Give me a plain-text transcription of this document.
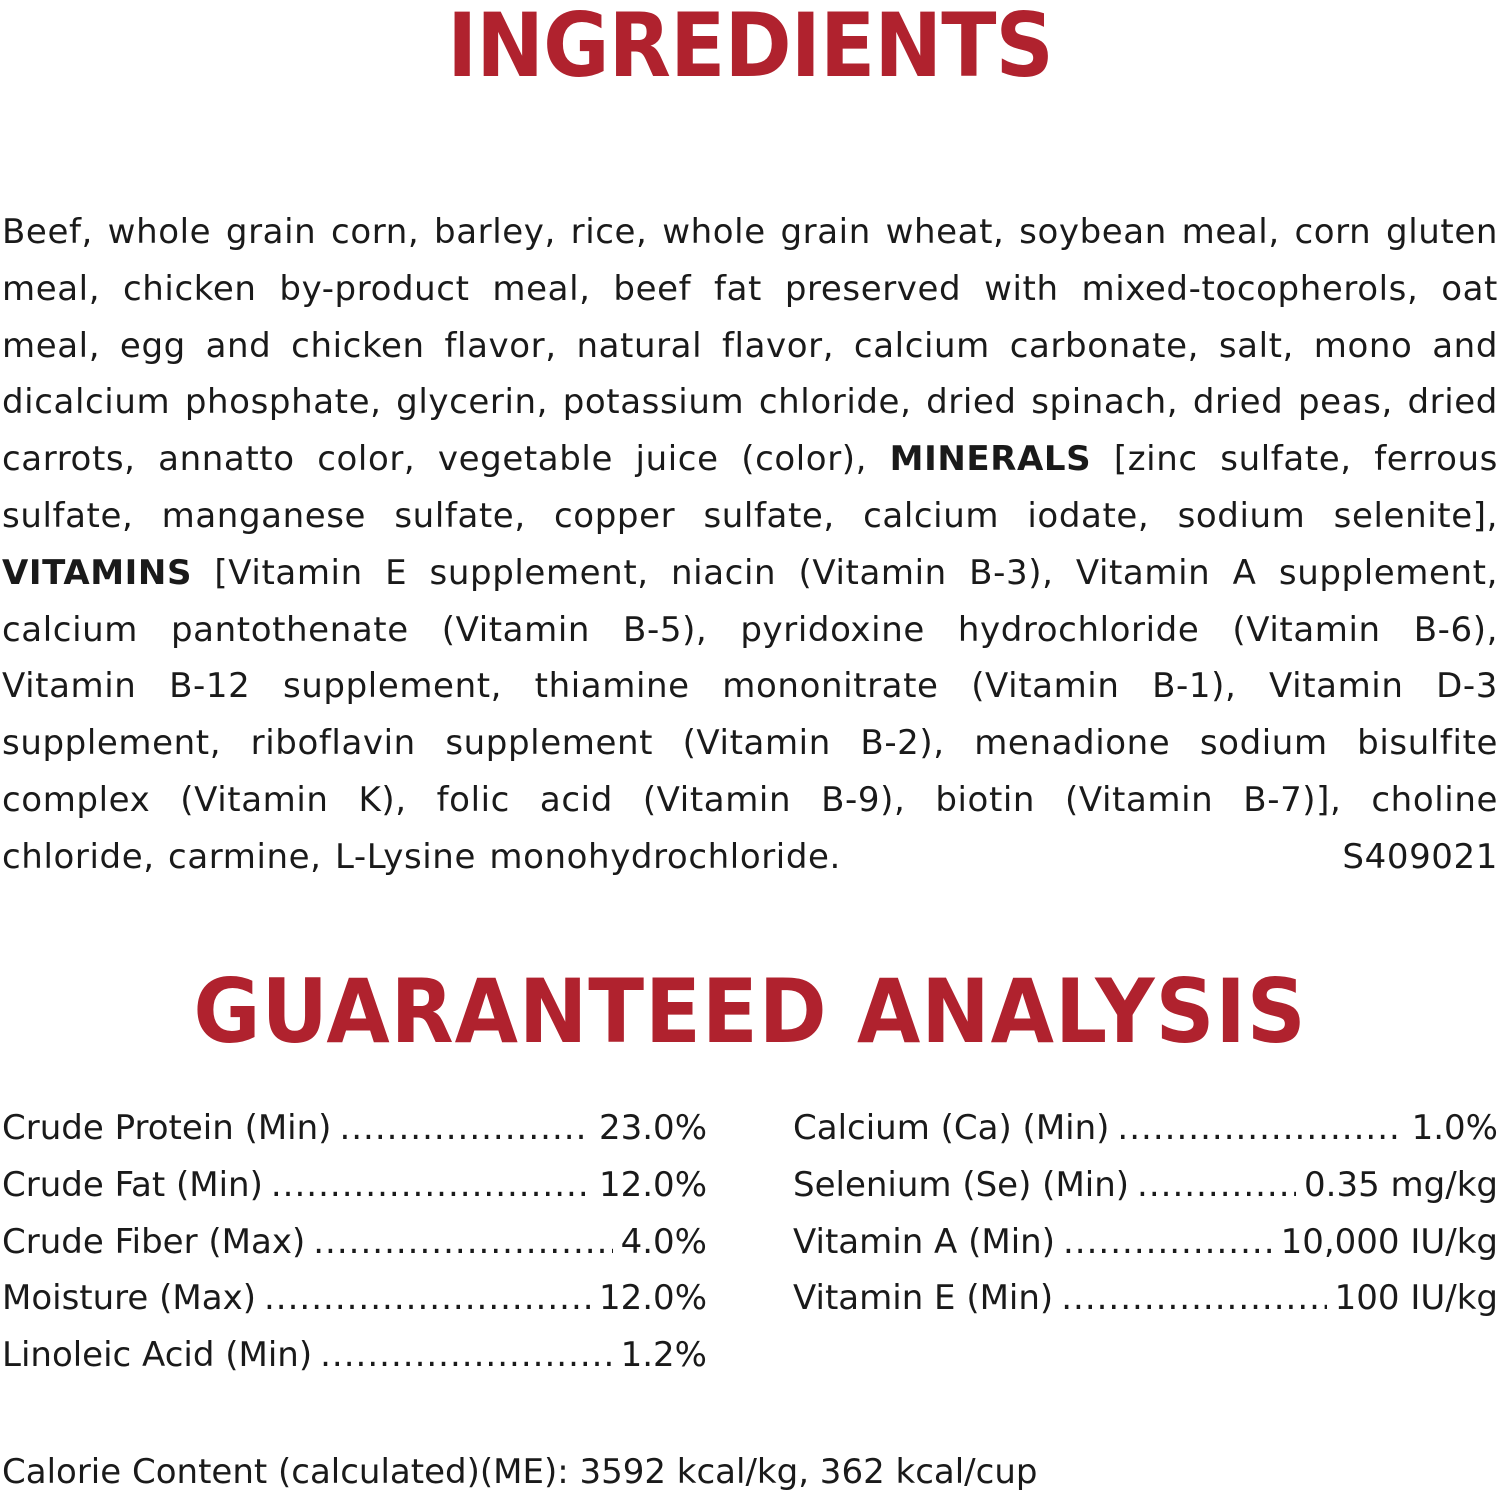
INGREDIENTS
Beef, whole grain corn, barley, rice, whole grain wheat, soybean meal, corn gluten meal, chicken by-product meal, beef fat preserved with mixed-tocopherols, oat meal, egg and chicken flavor, natural flavor, calcium carbonate, salt, mono and dicalcium phosphate, glycerin, potassium chloride, dried spinach, dried peas, dried carrots, annatto color, vegetable juice (color), MINERALS [zinc sulfate, ferrous sulfate, manganese sulfate, copper sulfate, calcium iodate, sodium selenite], VITAMINS [Vitamin E supplement, niacin (Vitamin B-3), Vitamin A supplement, calcium pantothenate (Vitamin B-5), pyridoxine hydrochloride (Vitamin B-6), Vitamin B-12 supplement, thiamine mononitrate (Vitamin B-1), Vitamin D-3 supplement, riboflavin supplement (Vitamin B-2), menadione sodium bisulfite complex (Vitamin K), folic acid (Vitamin B-9), biotin (Vitamin B-7)], choline chloride, carmine, L-Lysine monohydrochloride.	S409021
GUARANTEED ANALYSIS
Crude Protein (Min) .....	23.0%
Crude Fat (Min) .....	12.0%
Crude Fiber (Max) .....	4.0%
Moisture (Max) .....	12.0%
Linoleic Acid (Min) .....	1.2%
Calcium (Ca) (Min) .....	1.0%
Selenium (Se) (Min) .....	0.35 mg/kg
Vitamin A (Min) .....	10,000 IU/kg
Vitamin E (Min) .....	100 IU/kg
Calorie Content (calculated)(ME): 3592 kcal/kg, 362 kcal/cup
